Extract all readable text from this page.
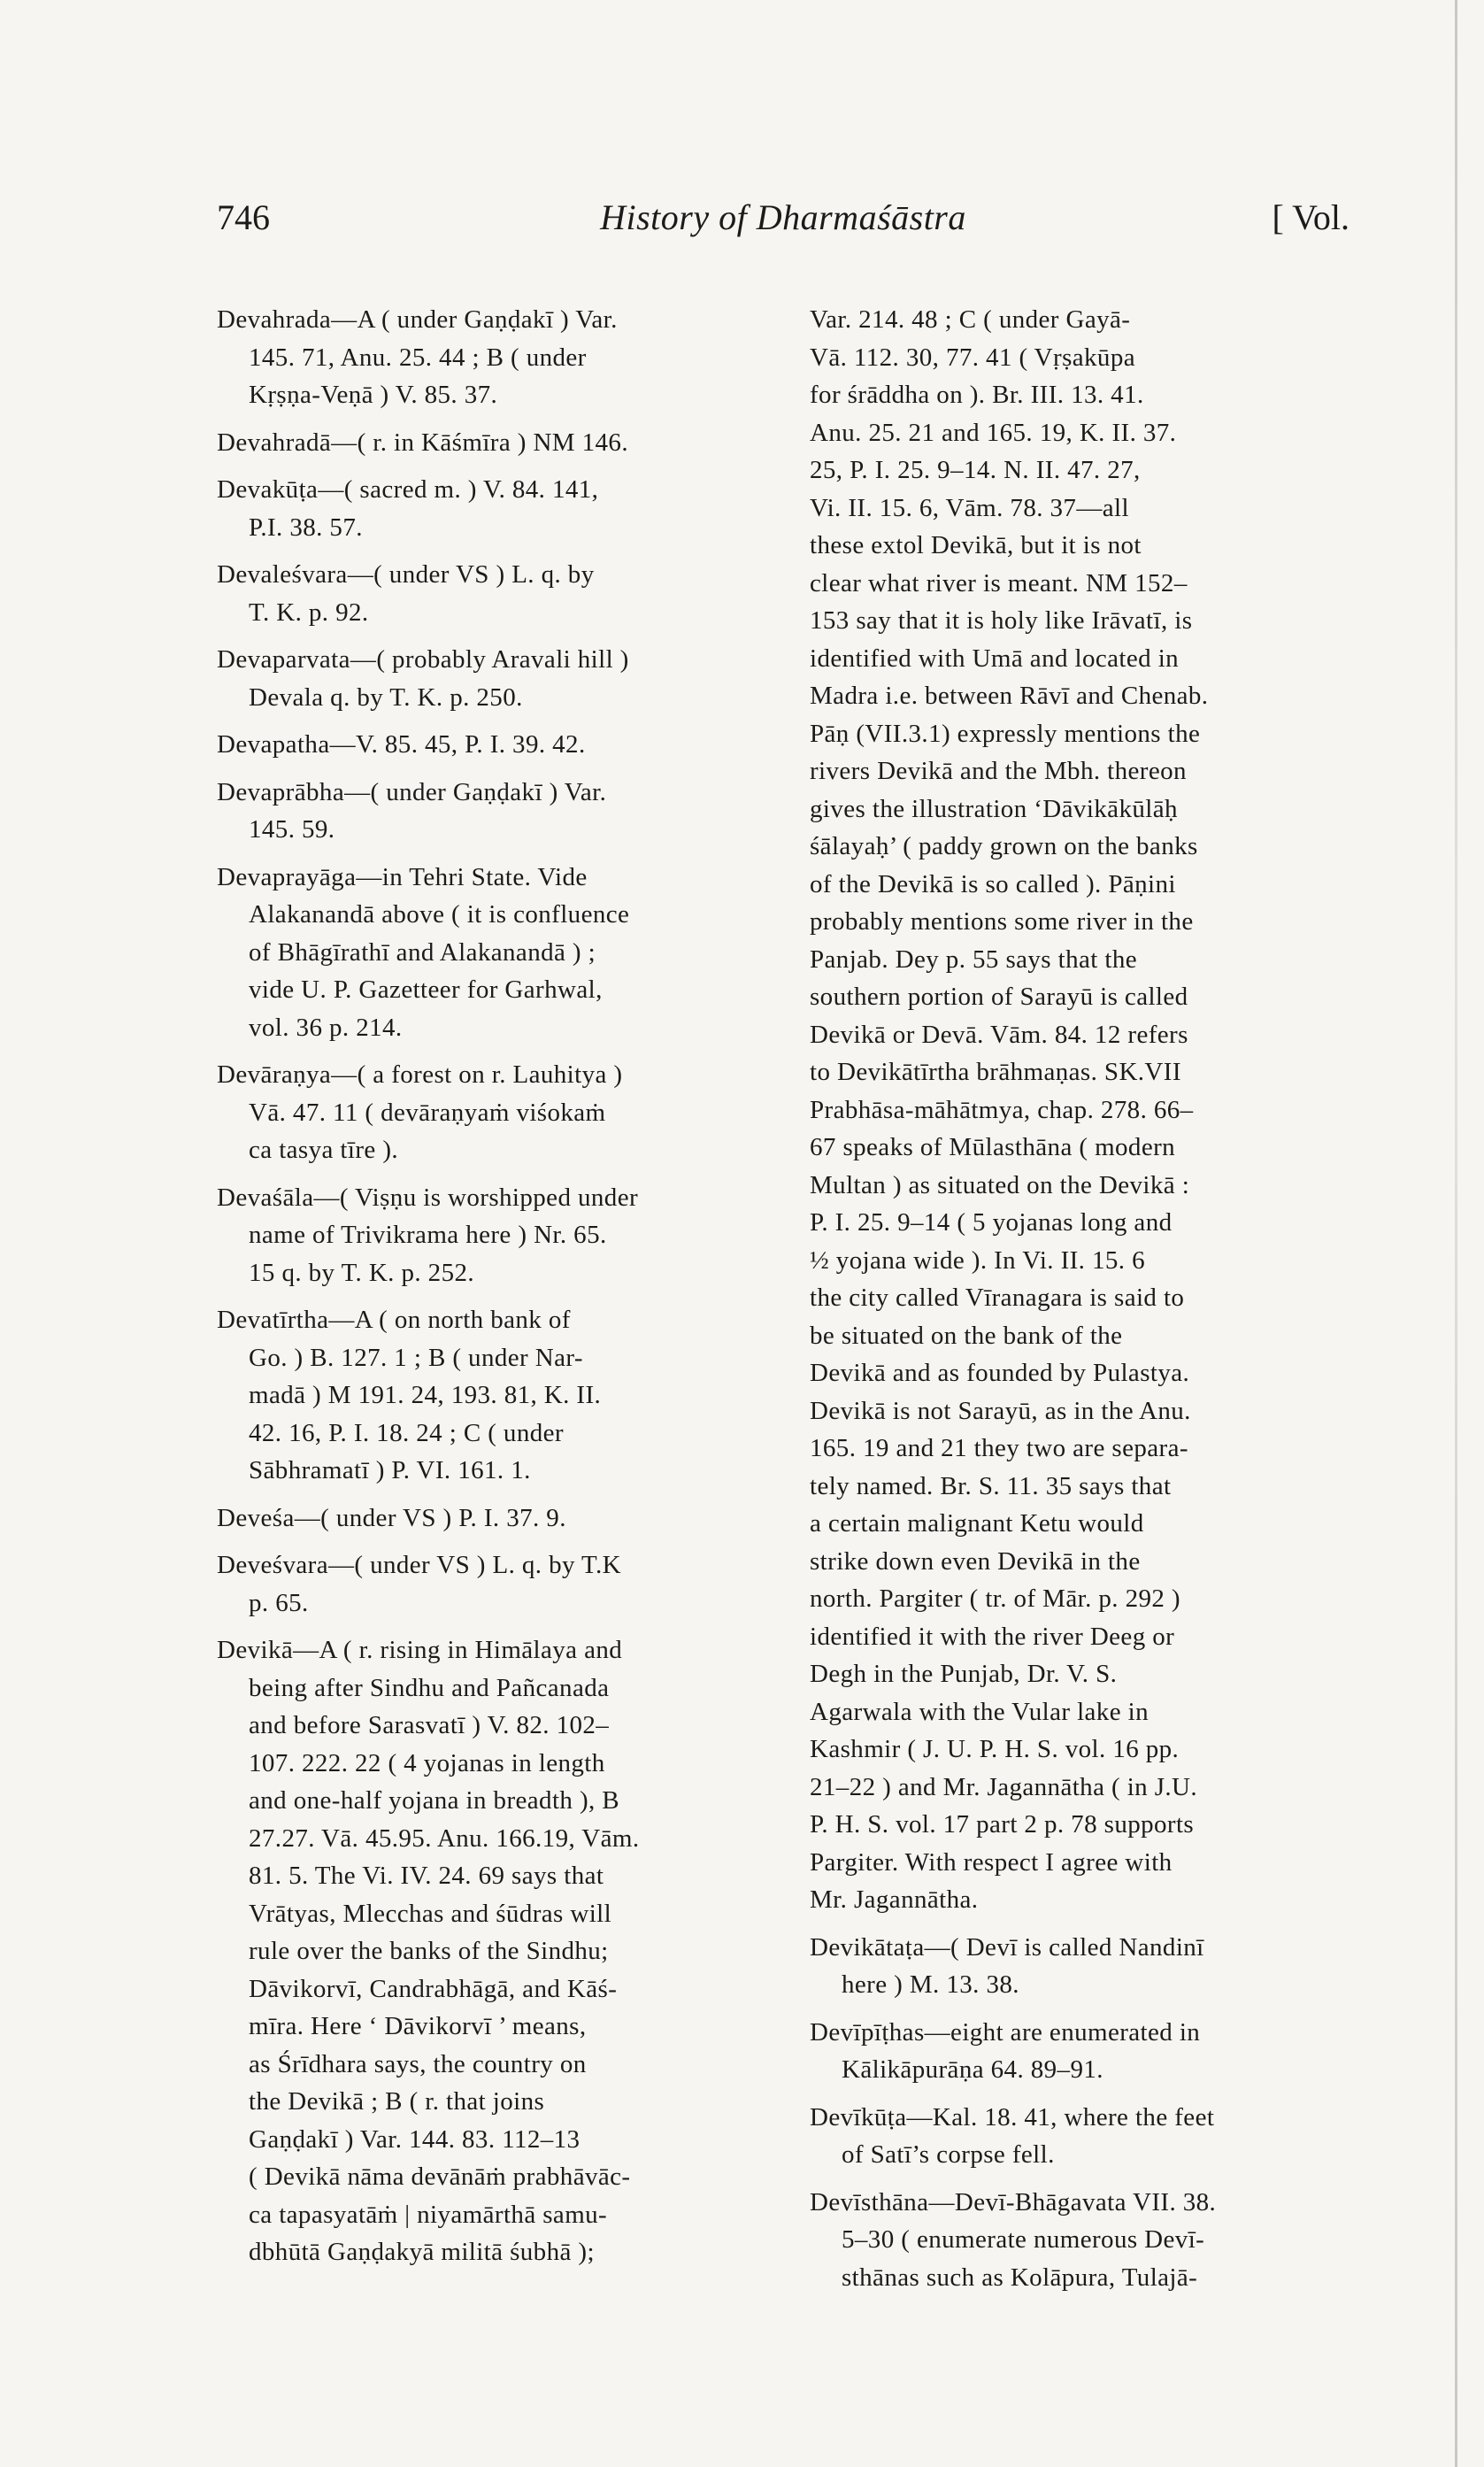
746	History of Dharmaśāstra	[ Vol.

Devahrada—A ( under Gaṇḍakī ) Var.
145. 71, Anu. 25. 44 ; B ( under
Kṛṣṇa-Veṇā ) V. 85. 37.

Devahradā—( r. in Kāśmīra ) NM 146.

Devakūṭa—( sacred m. ) V. 84. 141,
P.I. 38. 57.

Devaleśvara—( under VS ) L. q. by
T. K. p. 92.

Devaparvata—( probably Aravali hill )
Devala q. by T. K. p. 250.

Devapatha—V. 85. 45, P. I. 39. 42.

Devaprābha—( under Gaṇḍakī ) Var.
145. 59.

Devaprayāga—in Tehri State. Vide
Alakanandā above ( it is confluence
of Bhāgīrathī and Alakanandā ) ;
vide U. P. Gazetteer for Garhwal,
vol. 36 p. 214.

Devāraṇya—( a forest on r. Lauhitya )
Vā. 47. 11 ( devāraṇyaṁ viśokaṁ
ca tasya tīre ).

Devaśāla—( Viṣṇu is worshipped under
name of Trivikrama here ) Nr. 65.
15 q. by T. K. p. 252.

Devatīrtha—A ( on north bank of
Go. ) B. 127. 1 ; B ( under Nar-
madā ) M 191. 24, 193. 81, K. II.
42. 16, P. I. 18. 24 ; C ( under
Sābhramatī ) P. VI. 161. 1.

Deveśa—( under VS ) P. I. 37. 9.

Deveśvara—( under VS ) L. q. by T.K
p. 65.

Devikā—A ( r. rising in Himālaya and
being after Sindhu and Pañcanada
and before Sarasvatī ) V. 82. 102–
107. 222. 22 ( 4 yojanas in length
and one-half yojana in breadth ), B
27.27. Vā. 45.95. Anu. 166.19, Vām.
81. 5. The Vi. IV. 24. 69 says that
Vrātyas, Mlecchas and śūdras will
rule over the banks of the Sindhu;
Dāvikorvī, Candrabhāgā, and Kāś-
mīra. Here ‘ Dāvikorvī ’ means,
as Śrīdhara says, the country on
the Devikā ; B ( r. that joins
Gaṇḍakī ) Var. 144. 83. 112–13
( Devikā nāma devānāṁ prabhāvāc-
ca tapasyatāṁ | niyamārthā samu-
dbhūtā Gaṇḍakyā militā śubhā );

Var. 214. 48 ; C ( under Gayā-
Vā. 112. 30, 77. 41 ( Vṛṣakūpa
for śrāddha on ). Br. III. 13. 41.
Anu. 25. 21 and 165. 19, K. II. 37.
25, P. I. 25. 9–14. N. II. 47. 27,
Vi. II. 15. 6, Vām. 78. 37—all
these extol Devikā, but it is not
clear what river is meant. NM 152–
153 say that it is holy like Irāvatī, is
identified with Umā and located in
Madra i.e. between Rāvī and Chenab.
Pāṇ (VII.3.1) expressly mentions the
rivers Devikā and the Mbh. thereon
gives the illustration ‘Dāvikākūlāḥ
śālayaḥ’ ( paddy grown on the banks
of the Devikā is so called ). Pāṇini
probably mentions some river in the
Panjab. Dey p. 55 says that the
southern portion of Sarayū is called
Devikā or Devā. Vām. 84. 12 refers
to Devikātīrtha brāhmaṇas. SK.VII
Prabhāsa-māhātmya, chap. 278. 66–
67 speaks of Mūlasthāna ( modern
Multan ) as situated on the Devikā :
P. I. 25. 9–14 ( 5 yojanas long and
½ yojana wide ). In Vi. II. 15. 6
the city called Vīranagara is said to
be situated on the bank of the
Devikā and as founded by Pulastya.
Devikā is not Sarayū, as in the Anu.
165. 19 and 21 they two are separa-
tely named. Br. S. 11. 35 says that
a certain malignant Ketu would
strike down even Devikā in the
north. Pargiter ( tr. of Mār. p. 292 )
identified it with the river Deeg or
Degh in the Punjab, Dr. V. S.
Agarwala with the Vular lake in
Kashmir ( J. U. P. H. S. vol. 16 pp.
21–22 ) and Mr. Jagannātha ( in J.U.
P. H. S. vol. 17 part 2 p. 78 supports
Pargiter. With respect I agree with
Mr. Jagannātha.

Devikātaṭa—( Devī is called Nandinī
here ) M. 13. 38.

Devīpīṭhas—eight are enumerated in
Kālikāpurāṇa 64. 89–91.

Devīkūṭa—Kal. 18. 41, where the feet
of Satī’s corpse fell.

Devīsthāna—Devī-Bhāgavata VII. 38.
5–30 ( enumerate numerous Devī-
sthānas such as Kolāpura, Tulajā-
